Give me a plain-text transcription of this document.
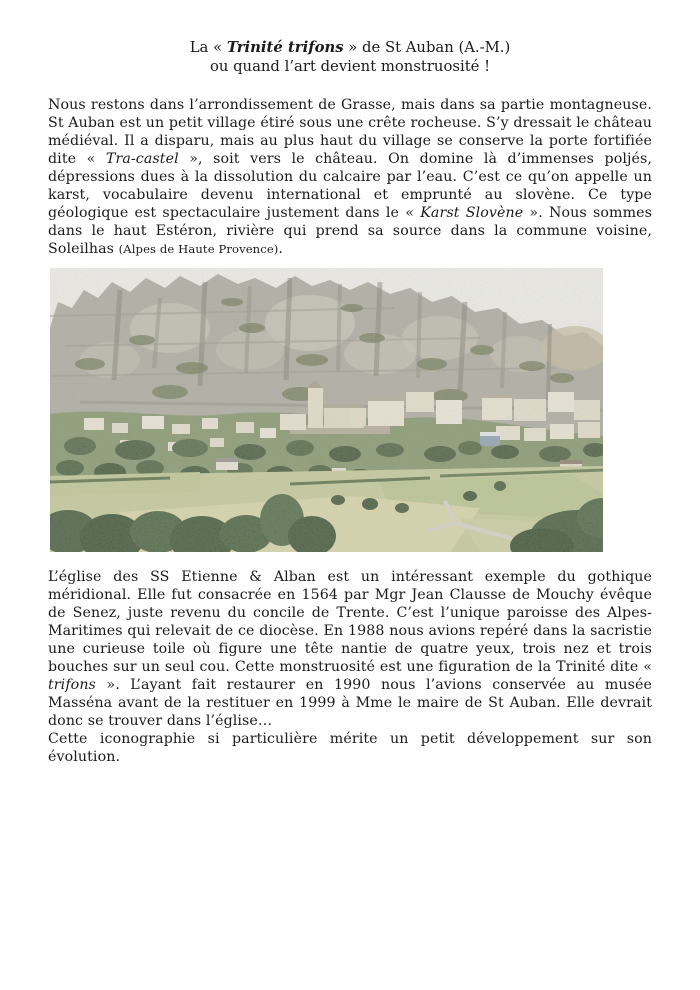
La « Trinité trifons » de St Auban (A.-M.)
ou quand l’art devient monstruosité !

Nous restons dans l’arrondissement de Grasse, mais dans sa partie montagneuse. St Auban est un petit village étiré sous une crête rocheuse. S’y dressait le château médiéval. Il a disparu, mais au plus haut du village se conserve la porte fortifiée dite « Tra-castel », soit vers le château. On domine là d’immenses poljés, dépressions dues à la dissolution du calcaire par l’eau. C’est ce qu’on appelle un karst, vocabulaire devenu international et emprunté au slovène. Ce type géologique est spectaculaire justement dans le « Karst Slovène ». Nous sommes dans le haut Estéron, rivière qui prend sa source dans la commune voisine, Soleilhas (Alpes de Haute Provence).

L’église des SS Etienne & Alban est un intéressant exemple du gothique méridional. Elle fut consacrée en 1564 par Mgr Jean Clausse de Mouchy évêque de Senez, juste revenu du concile de Trente. C’est l’unique paroisse des Alpes-Maritimes qui relevait de ce diocèse. En 1988 nous avions repéré dans la sacristie une curieuse toile où figure une tête nantie de quatre yeux, trois nez et trois bouches sur un seul cou. Cette monstruosité est une figuration de la Trinité dite « trifons ». L’ayant fait restaurer en 1990 nous l’avions conservée au musée Masséna avant de la restituer en 1999 à Mme le maire de St Auban. Elle devrait donc se trouver dans l’église…
Cette iconographie si particulière mérite un petit développement sur son évolution.
